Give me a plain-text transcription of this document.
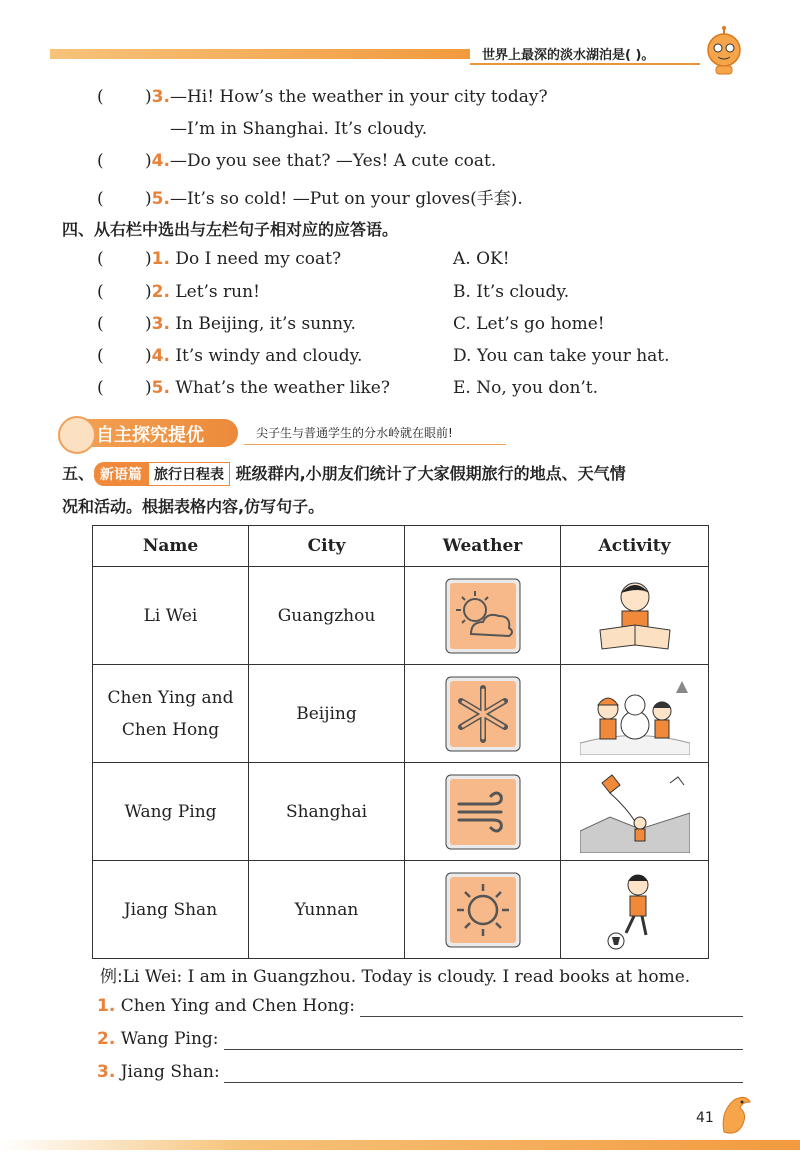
世界上最深的淡水湖泊是( )。
( )3.—Hi! How’s the weather in your city today?
—I’m in Shanghai. It’s cloudy.
( )4.—Do you see that? —Yes! A cute coat.
( )5.—It’s so cold! —Put on your gloves(手套).
四、从右栏中选出与左栏句子相对应的应答语。
( )1. Do I need my coat?	A. OK!
( )2. Let’s run!	B. It’s cloudy.
( )3. In Beijing, it’s sunny.	C. Let’s go home!
( )4. It’s windy and cloudy.	D. You can take your hat.
( )5. What’s the weather like?	E. No, you don’t.
自主探究提优	尖子生与普通学生的分水岭就在眼前!
五、 新语篇 旅行日程表 班级群内,小朋友们统计了大家假期旅行的地点、天气情
况和活动。根据表格内容,仿写句子。
Name	City	Weather	Activity
Li Wei	Guangzhou	

Chen Ying and
Chen Hong	Beijing	

Wang Ping	Shanghai	

Jiang Shan	Yunnan	

例:Li Wei: I am in Guangzhou. Today is cloudy. I read books at home.
1. Chen Ying and Chen Hong:
2. Wang Ping:
3. Jiang Shan:
41
